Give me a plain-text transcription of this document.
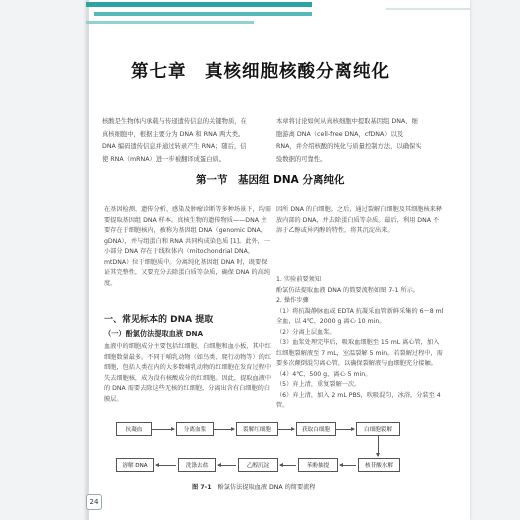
第七章　真核细胞核酸分离纯化
核酸是生物体内承载与传递遗传信息的关键物质，在真核细胞中，根据主要分为 DNA 和 RNA 两大类。DNA 编码遗传信息并通过转录产生 RNA；随后，信使 RNA（mRNA）进一步被翻译成蛋白质。
本章将讨论如何从真核细胞中提取基因组 DNA、细胞游离 DNA（cell-free DNA，cfDNA）以及 RNA，并介绍核酸的纯化与质量控制方法，以确保实验数据的可靠性。
第一节　基因组 DNA 分离纯化

在基因检测、遗传分析、感染及肿瘤诊断等多种场景下，均需要提取基因组 DNA 样本。真核生物的遗传物质——DNA 主要存在于细胞核内，被称为基因组 DNA（genomic DNA，gDNA），并与组蛋白和 RNA 共同构成染色质 [1]。此外，一小部分 DNA 存在于线粒体内（mitochondrial DNA，mtDNA）位于细胞质中。分离纯化基因组 DNA 时，既要保证其完整性，又要充分去除蛋白质等杂质，确保 DNA 的高纯度。

一、常见标本的 DNA 提取
（一）酚氯仿法提取血液 DNA

血液中的细胞成分主要包括红细胞、白细胞和血小板，其中红细胞数量最多。不同于哺乳动物（如鸟类、爬行动物等）的红细胞，包括人类在内的大多数哺乳动物的红细胞在发育过程中失去细胞核，成为没有核酸成分的红细胞。因此，提取血液中的 DNA 需要去除这些无核的红细胞，分离出含有白细胞的白膜层。

因所 DNA 的白细胞。之后，通过裂解白细胞及其细胞核来释放内部的 DNA，并去除蛋白质等杂质。最后，利用 DNA 不溶于乙醇或异丙醇的特性，将其沉淀出来。

1. 实验前要须知
酚氯仿法提取血液 DNA 的简要流程如图 7-1 所示。
2. 操作步骤
（1）将抗凝静脉血或 EDTA 抗凝采血管新鲜采集的 6～8 ml 全血，以 4℃、2000 g 离心 10 min。
（2）分离上层血浆。
（3）血浆处理完毕后，吸取血细胞至 15 mL 离心管，加入红细胞裂解液至 7 mL，室温裂解 5 min。若裂解过程中，需要多次颠倒混匀离心管，以确保裂解液与血细胞充分接触。
（4）4℃、500 g，离心 5 min。
（5）弃上清，重复裂解一次。
（6）弃上清，加入 2 mL PBS，吹吸混匀，冰浴，分装至 4 管。

抗凝血	分离血浆	裂解红细胞	获取白细胞	白细胞裂解
溶解 DNA	洗涤去盐	乙醇沉淀	苯酚抽提	核苷酸水解
图 7-1 酚氯仿法提取血液 DNA 的简要流程
24
